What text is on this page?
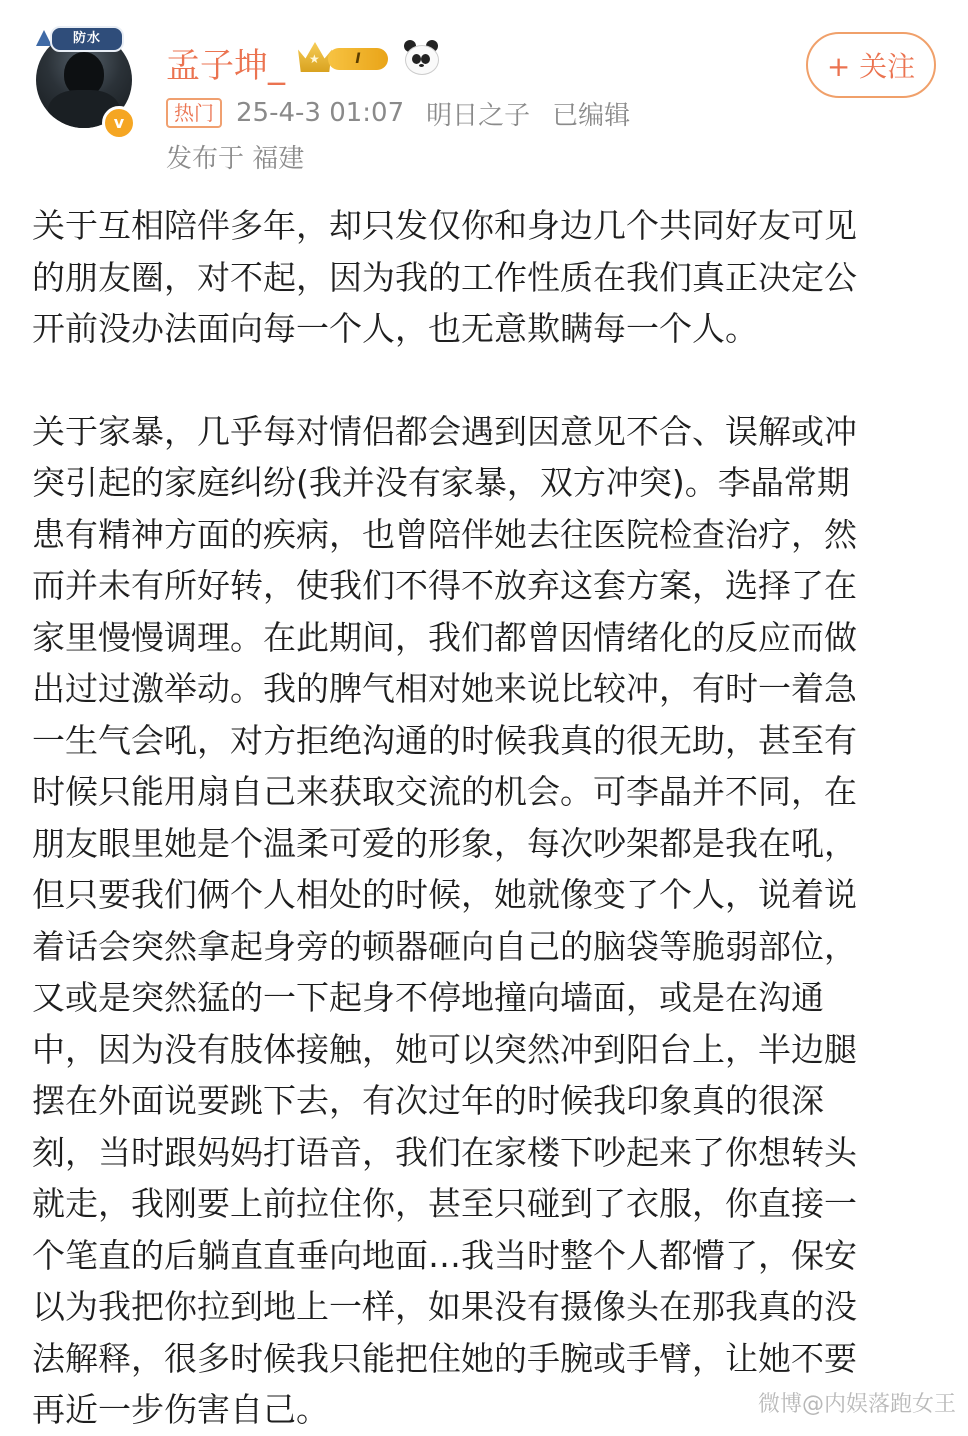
防水
v
孟子坤_ ★	I
热门 25-4-3 01:07 明日之子 已编辑
发布于 福建
+ 关注

关于互相陪伴多年，却只发仅你和身边几个共同好友可见
的朋友圈，对不起，因为我的工作性质在我们真正决定公
开前没办法面向每一个人，也无意欺瞒每一个人。

关于家暴，几乎每对情侣都会遇到因意见不合、误解或冲
突引起的家庭纠纷(我并没有家暴，双方冲突)。李晶常期
患有精神方面的疾病，也曾陪伴她去往医院检查治疗，然
而并未有所好转，使我们不得不放弃这套方案，选择了在
家里慢慢调理。在此期间，我们都曾因情绪化的反应而做
出过过激举动。我的脾气相对她来说比较冲，有时一着急
一生气会吼，对方拒绝沟通的时候我真的很无助，甚至有
时候只能用扇自己来获取交流的机会。可李晶并不同，在
朋友眼里她是个温柔可爱的形象，每次吵架都是我在吼，
但只要我们俩个人相处的时候，她就像变了个人，说着说
着话会突然拿起身旁的顿器砸向自己的脑袋等脆弱部位，
又或是突然猛的一下起身不停地撞向墙面，或是在沟通
中，因为没有肢体接触，她可以突然冲到阳台上，半边腿
摆在外面说要跳下去，有次过年的时候我印象真的很深
刻，当时跟妈妈打语音，我们在家楼下吵起来了你想转头
就走，我刚要上前拉住你，甚至只碰到了衣服，你直接一
个笔直的后躺直直垂向地面…我当时整个人都懵了，保安
以为我把你拉到地上一样，如果没有摄像头在那我真的没
法解释，很多时候我只能把住她的手腕或手臂，让她不要
再近一步伤害自己。	微博@内娱落跑女王
